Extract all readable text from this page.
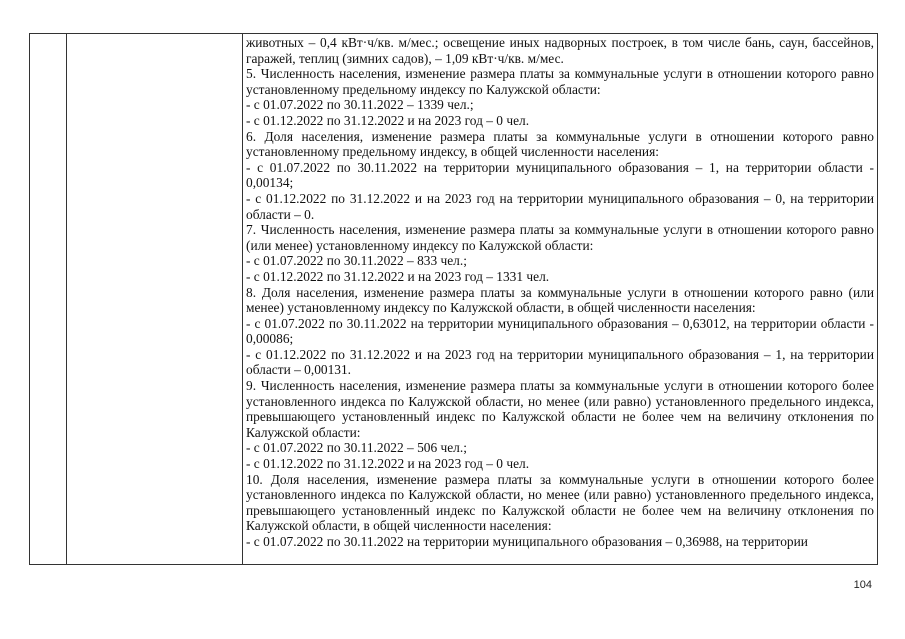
животных – 0,4 кВт·ч/кв. м/мес.; освещение иных надворных построек, в том числе бань, саун, бассейнов, гаражей, теплиц (зимних садов), – 1,09 кВт·ч/кв. м/мес.

5. Численность населения, изменение размера платы за коммунальные услуги в отношении которого равно установленному предельному индексу по Калужской области:

- с 01.07.2022 по 30.11.2022 – 1339 чел.;

- с 01.12.2022 по 31.12.2022 и на 2023 год – 0 чел.

6. Доля населения, изменение размера платы за коммунальные услуги в отношении которого равно установленному предельному индексу, в общей численности населения:

- с 01.07.2022 по 30.11.2022 на территории муниципального образования – 1, на территории области - 0,00134;

- с 01.12.2022 по 31.12.2022 и на 2023 год на территории муниципального образования – 0, на территории области – 0.

7. Численность населения, изменение размера платы за коммунальные услуги в отношении которого равно (или менее) установленному индексу по Калужской области:

- с 01.07.2022 по 30.11.2022 – 833 чел.;

- с 01.12.2022 по 31.12.2022 и на 2023 год – 1331 чел.

8. Доля населения, изменение размера платы за коммунальные услуги в отношении которого равно (или менее) установленному индексу по Калужской области, в общей численности населения:

- с 01.07.2022 по 30.11.2022 на территории муниципального образования – 0,63012, на территории области - 0,00086;

- с 01.12.2022 по 31.12.2022 и на 2023 год на территории муниципального образования – 1, на территории области – 0,00131.

9. Численность населения, изменение размера платы за коммунальные услуги в отношении которого более установленного индекса по Калужской области, но менее (или равно) установленного предельного индекса, превышающего установленный индекс по Калужской области не более чем на величину отклонения по Калужской области:

- с 01.07.2022 по 30.11.2022 – 506 чел.;

- с 01.12.2022 по 31.12.2022 и на 2023 год – 0 чел.

10. Доля населения, изменение размера платы за коммунальные услуги в отношении которого более установленного индекса по Калужской области, но менее (или равно) установленного предельного индекса, превышающего установленный индекс по Калужской области не более чем на величину отклонения по Калужской области, в общей численности населения:

- с 01.07.2022 по 30.11.2022 на территории муниципального образования – 0,36988, на территории

104
